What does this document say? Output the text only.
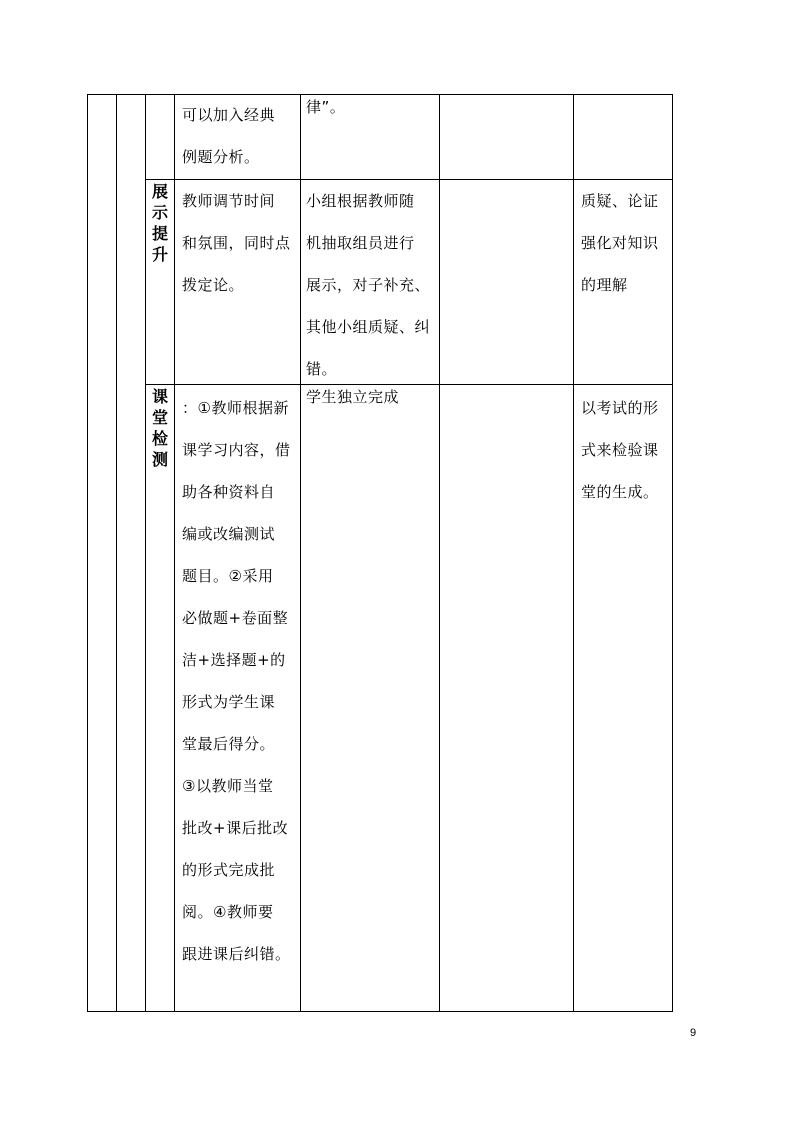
可以加入经典
例题分析。
律”。
展
示
提
升
教师调节时间
和氛围，同时点
拨定论。
小组根据教师随
机抽取组员进行
展示，对子补充、
其他小组质疑、纠
错。
质疑、论证
强化对知识
的理解
课
堂
检
测
：①教师根据新
课学习内容，借
助各种资料自
编或改编测试
题目。②采用
必做题+卷面整
洁+选择题+的
形式为学生课
堂最后得分。
③以教师当堂
批改+课后批改
的形式完成批
阅。④教师要
跟进课后纠错。
学生独立完成
以考试的形
式来检验课
堂的生成。
9
